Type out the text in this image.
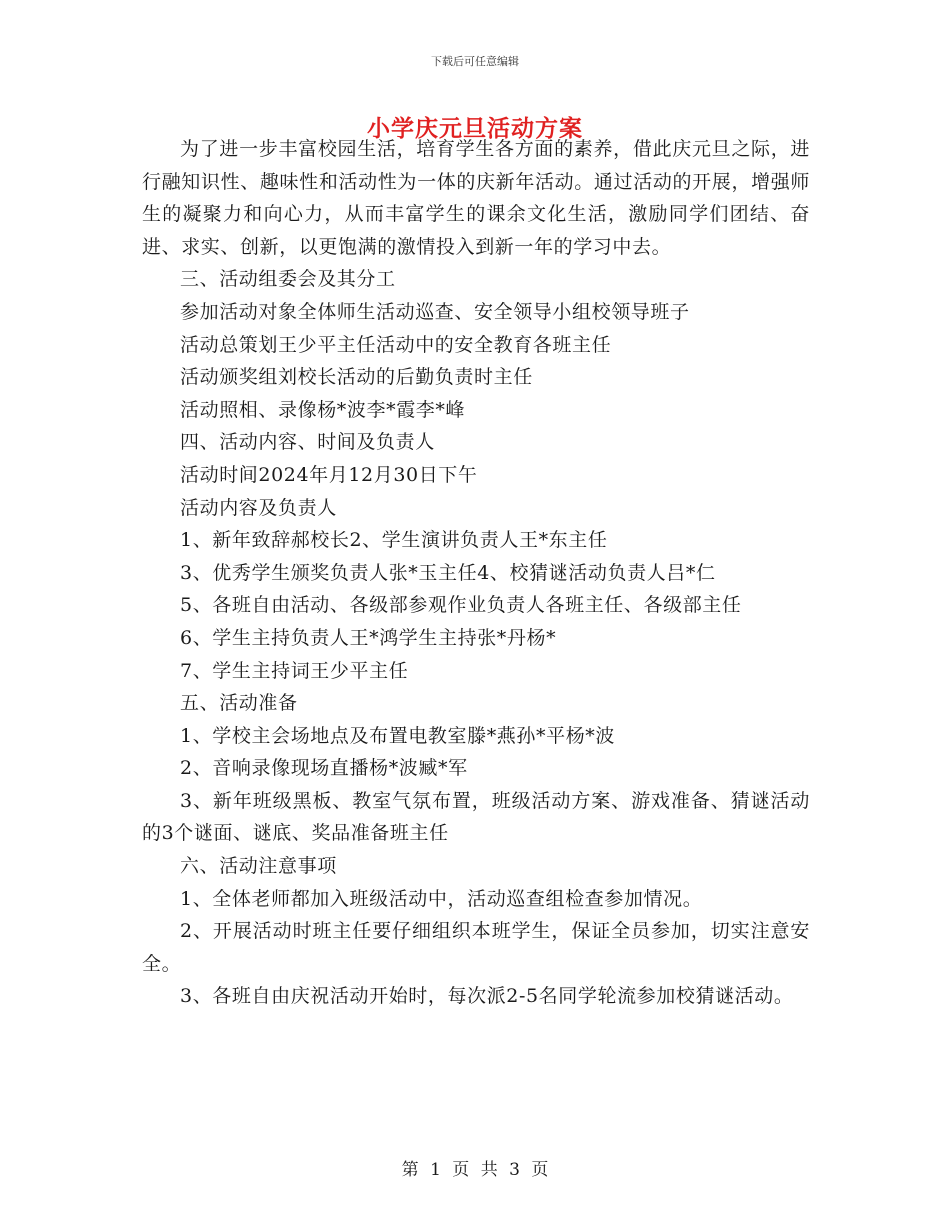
下载后可任意编辑
小学庆元旦活动方案

为了进一步丰富校园生活，培育学生各方面的素养，借此庆元旦之际，进行融知识性、趣味性和活动性为一体的庆新年活动。通过活动的开展，增强师生的凝聚力和向心力，从而丰富学生的课余文化生活，激励同学们团结、奋进、求实、创新，以更饱满的激情投入到新一年的学习中去。

三、活动组委会及其分工

参加活动对象全体师生活动巡查、安全领导小组校领导班子

活动总策划王少平主任活动中的安全教育各班主任

活动颁奖组刘校长活动的后勤负责时主任

活动照相、录像杨*波李*霞李*峰

四、活动内容、时间及负责人

活动时间2024年月12月30日下午

活动内容及负责人

1、新年致辞郝校长2、学生演讲负责人王*东主任

3、优秀学生颁奖负责人张*玉主任4、校猜谜活动负责人吕*仁

5、各班自由活动、各级部参观作业负责人各班主任、各级部主任

6、学生主持负责人王*鸿学生主持张*丹杨*

7、学生主持词王少平主任

五、活动准备

1、学校主会场地点及布置电教室滕*燕孙*平杨*波

2、音响录像现场直播杨*波臧*军

3、新年班级黑板、教室气氛布置，班级活动方案、游戏准备、猜谜活动的3个谜面、谜底、奖品准备班主任

六、活动注意事项

1、全体老师都加入班级活动中，活动巡查组检查参加情况。

2、开展活动时班主任要仔细组织本班学生，保证全员参加，切实注意安全。

3、各班自由庆祝活动开始时，每次派2-5名同学轮流参加校猜谜活动。

第 1 页 共 3 页
